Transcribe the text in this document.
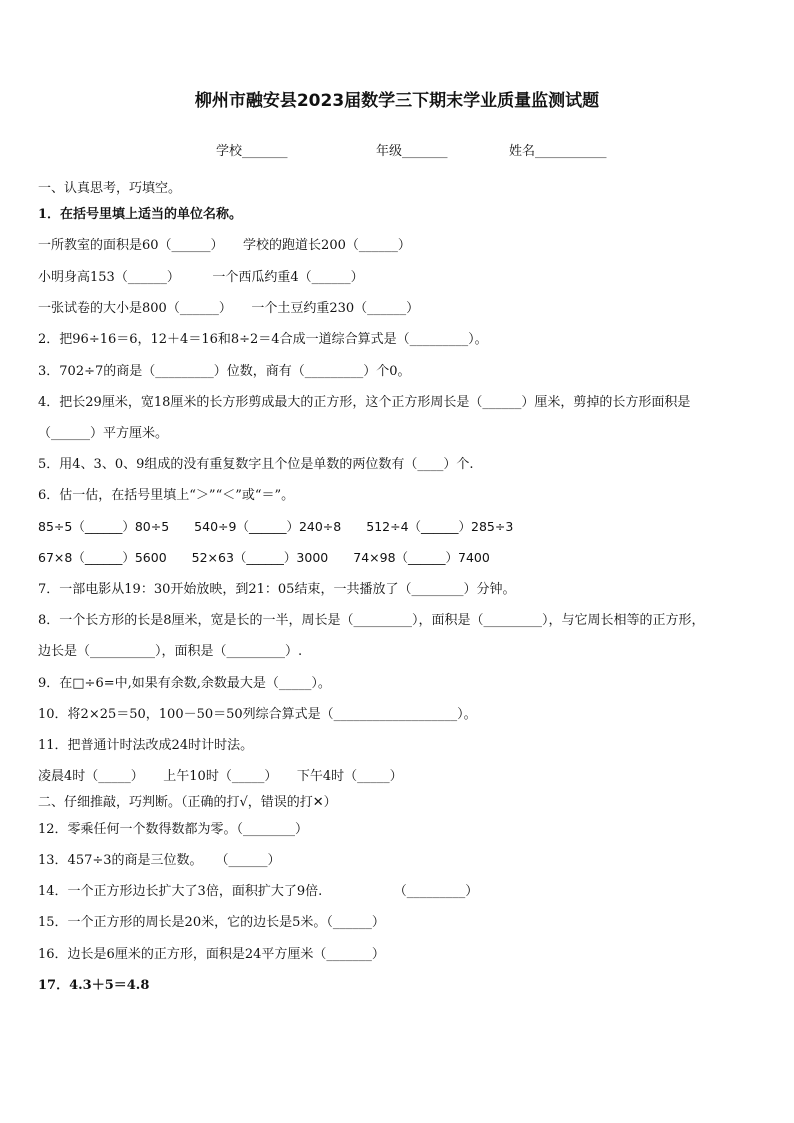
柳州市融安县2023届数学三下期末学业质量监测试题
学校_______	年级_______	姓名___________
一、认真思考，巧填空。
1．在括号里填上适当的单位名称。
一所教室的面积是60（______）　　学校的跑道长200（______）
小明身高153（______）　　　一个西瓜约重4（______）
一张试卷的大小是800（______）　　一个土豆约重230（______）
2．把96÷16＝6，12＋4＝16和8÷2＝4合成一道综合算式是（_________）。
3．702÷7的商是（_________）位数，商有（_________）个0。
4．把长29厘米，宽18厘米的长方形剪成最大的正方形，这个正方形周长是（______）厘米，剪掉的长方形面积是
（______）平方厘米。
5．用4、3、0、9组成的没有重复数字且个位是单数的两位数有（____）个.
6．估一估，在括号里填上“＞”“＜”或“＝”。
85÷5（______）80÷5　　540÷9（______）240÷8　　512÷4（______）285÷3
67×8（______）5600　　52×63（______）3000　　74×98（______）7400
7．一部电影从19：30开始放映，到21：05结束，一共播放了（________）分钟。
8．一个长方形的长是8厘米，宽是长的一半，周长是（_________），面积是（_________），与它周长相等的正方形，
边长是（__________），面积是（_________）.
9．在□÷6=中,如果有余数,余数最大是（_____）。
10．将2×25＝50，100－50＝50列综合算式是（___________________）。
11．把普通计时法改成24时计时法。
凌晨4时（_____）　　上午10时（_____）　　下午4时（_____）
二、仔细推敲，巧判断。（正确的打√，错误的打✕）
12．零乘任何一个数得数都为零。（________）
13．457÷3的商是三位数。　　（______）
14．一个正方形边长扩大了3倍，面积扩大了9倍.　　　　　　（_________）
15．一个正方形的周长是20米，它的边长是5米。（______）
16．边长是6厘米的正方形，面积是24平方厘米（_______）
17．4.3＋5＝4.8
